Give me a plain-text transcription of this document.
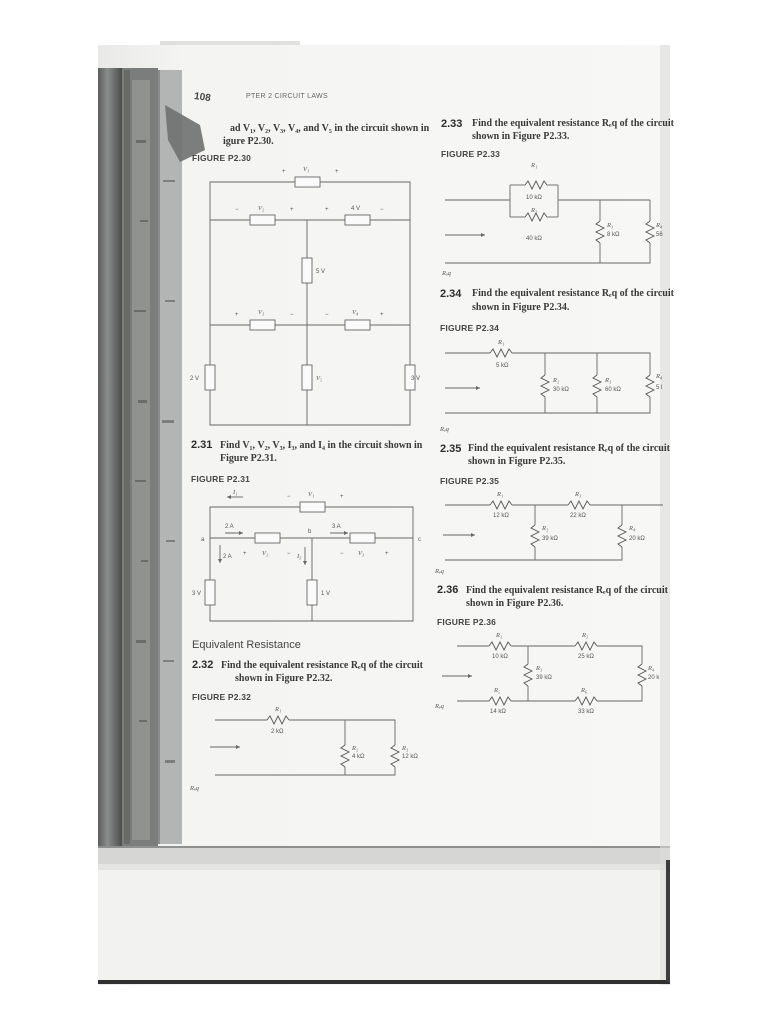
108	PTER 2 CIRCUIT LAWS
ad V₁, V₂, V₃, V₄, and V₅ in the circuit shown in
igure P2.30.
FIGURE P2.30
V₁
V₂	4 V
5 V
V₃	V₄
2 V	V₅	3 V
+	+
−	+	+	−
+	−	−	+
2.31 Find V₁, V₂, V₃, I₃, and I₄ in the circuit shown in
Figure P2.31.
FIGURE P2.31
I₁	V₁
2 A	3 A
2 A	V₂	I₃	V₃
3 V	1 V
a
b
c
−	+
+	−	−	+
Equivalent Resistance
2.32 Find the equivalent resistance Rₑq of the circuit
shown in Figure P2.32.
FIGURE P2.32
R₁
2 kΩ
R₂
4 kΩ
R₃
12 kΩ
Rₑq
2.33 Find the equivalent resistance Rₑq of the circuit
shown in Figure P2.33.
FIGURE P2.33
R₁
10 kΩ
R₂
40 kΩ
R₃
8 kΩ
R₄
56
Rₑq
2.34 Find the equivalent resistance Rₑq of the circuit
shown in Figure P2.34.
FIGURE P2.34
R₁
5 kΩ
R₂
30 kΩ
R₃
60 kΩ
R₄
5 l
Rₑq
2.35 Find the equivalent resistance Rₑq of the circuit
shown in Figure P2.35.
FIGURE P2.35
R₁
12 kΩ
R₃
22 kΩ
R₂
39 kΩ
R₄
20 kΩ
Rₑq
2.36 Find the equivalent resistance Rₑq of the circuit
shown in Figure P2.36.
FIGURE P2.36
R₁
10 kΩ
R₂
25 kΩ
R₃
39 kΩ
R₄
20 k
R₅
14 kΩ
R₆
33 kΩ
Rₑq
